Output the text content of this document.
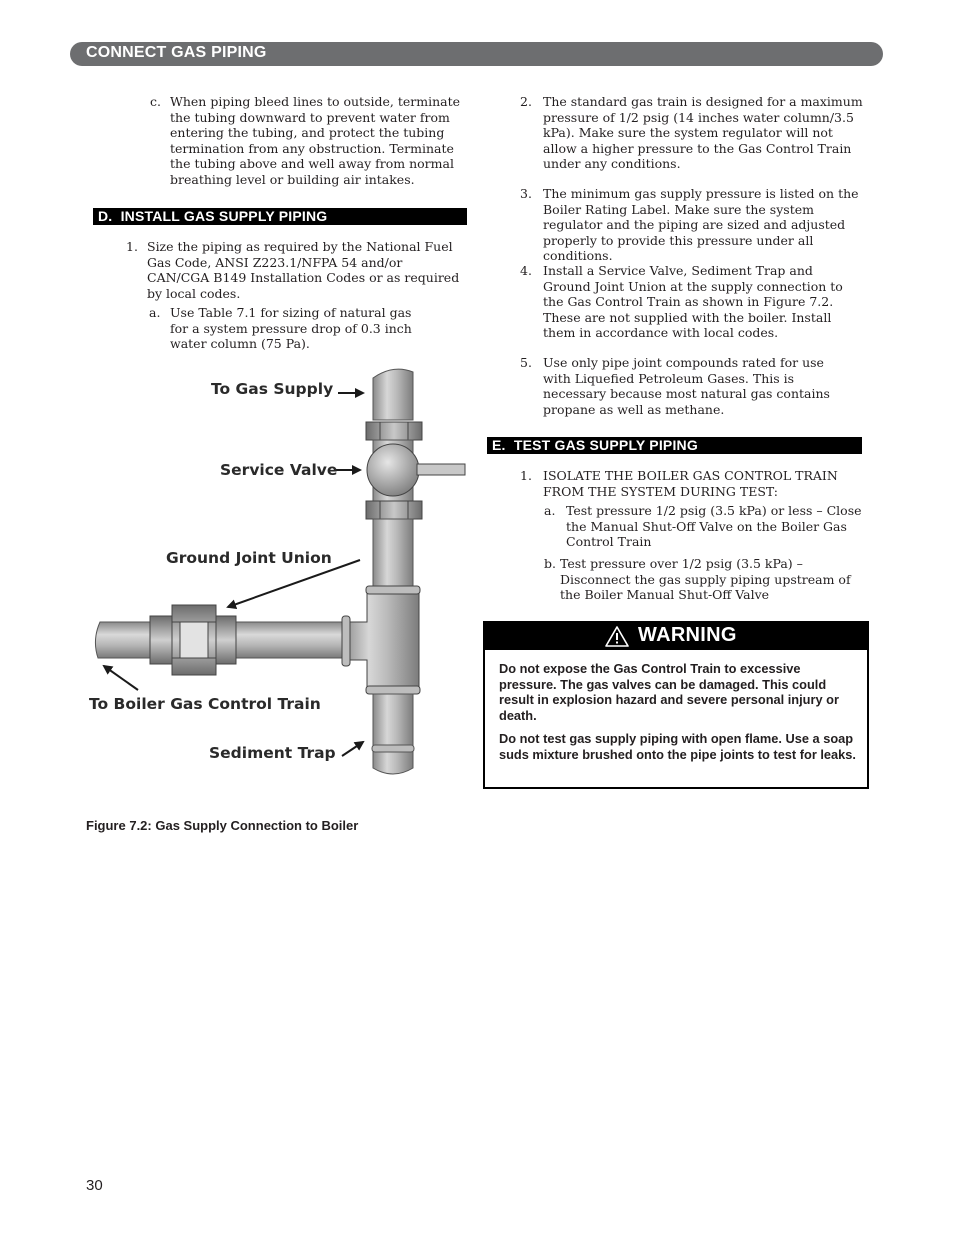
CONNECT GAS PIPING
c. When piping bleed lines to outside, terminate the tubing downward to prevent water from entering the tubing, and protect the tubing termination from any obstruction. Terminate the tubing above and well away from normal breathing level or building air intakes.
D. INSTALL GAS SUPPLY PIPING
1. Size the piping as required by the National Fuel Gas Code, ANSI Z223.1/NFPA 54 and/or CAN/CGA B149 Installation Codes or as required by local codes.
a. Use Table 7.1 for sizing of natural gas for a system pressure drop of 0.3 inch water column (75 Pa).
To Gas Supply
Service Valve
Ground Joint Union
To Boiler Gas Control Train
Sediment Trap
Figure 7.2: Gas Supply Connection to Boiler
2. The standard gas train is designed for a maximum pressure of 1/2 psig (14 inches water column/3.5 kPa). Make sure the system regulator will not allow a higher pressure to the Gas Control Train under any conditions.
3. The minimum gas supply pressure is listed on the Boiler Rating Label. Make sure the system regulator and the piping are sized and adjusted properly to provide this pressure under all conditions.
4. Install a Service Valve, Sediment Trap and Ground Joint Union at the supply connection to the Gas Control Train as shown in Figure 7.2. These are not supplied with the boiler. Install them in accordance with local codes.
5. Use only pipe joint compounds rated for use with Liquefied Petroleum Gases. This is necessary because most natural gas contains propane as well as methane.
E. TEST GAS SUPPLY PIPING
1. ISOLATE THE BOILER GAS CONTROL TRAIN FROM THE SYSTEM DURING TEST:
a. Test pressure 1/2 psig (3.5 kPa) or less – Close the Manual Shut-Off Valve on the Boiler Gas Control Train
b. Test pressure over 1/2 psig (3.5 kPa) – Disconnect the gas supply piping upstream of the Boiler Manual Shut-Off Valve
WARNING
Do not expose the Gas Control Train to excessive pressure. The gas valves can be damaged. This could result in explosion hazard and severe personal injury or death.
Do not test gas supply piping with open flame. Use a soap suds mixture brushed onto the pipe joints to test for leaks.
30
